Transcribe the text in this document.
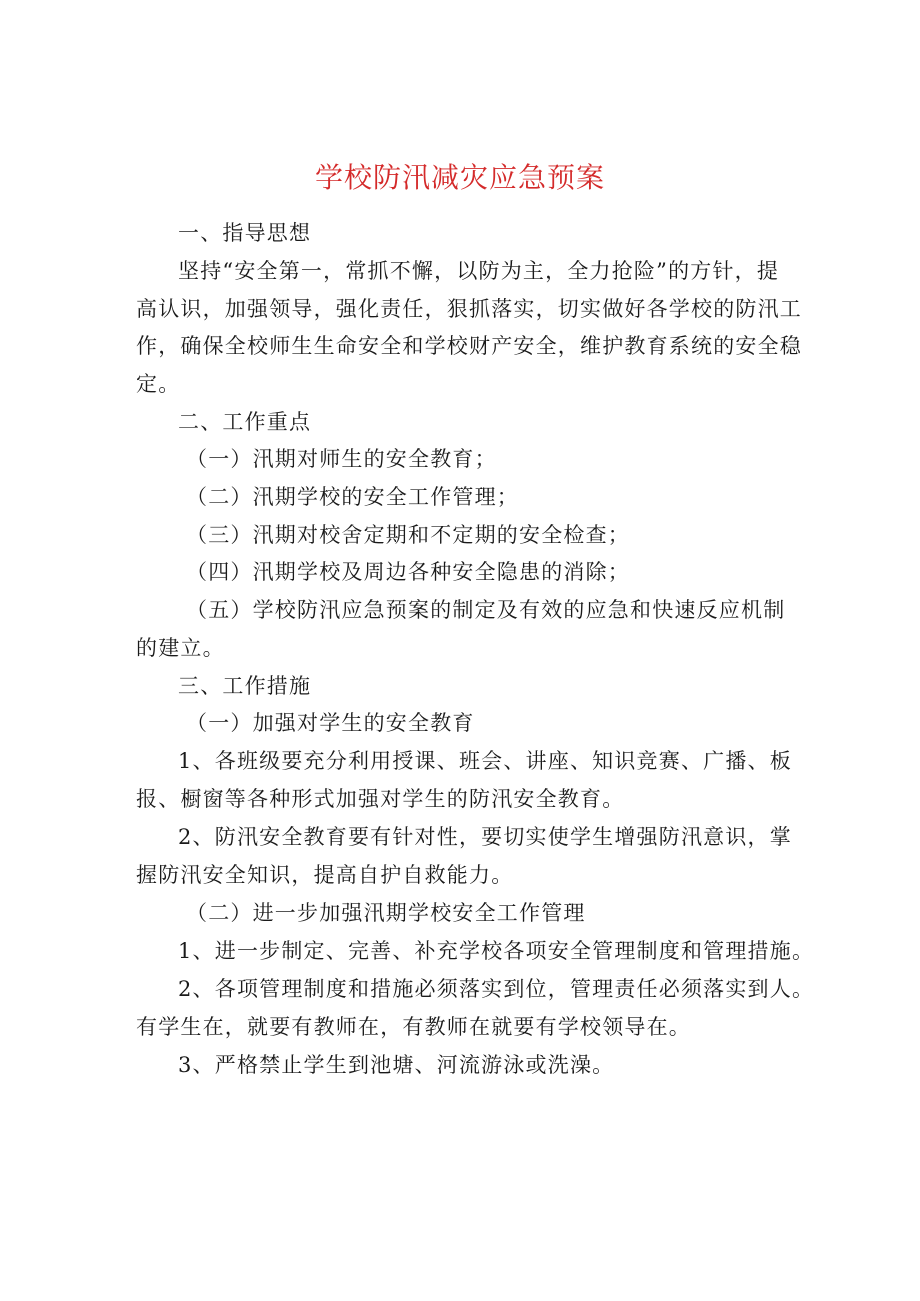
学校防汛减灾应急预案
一、指导思想
坚持“安全第一，常抓不懈，以防为主，全力抢险”的方针，提
高认识，加强领导，强化责任，狠抓落实，切实做好各学校的防汛工
作，确保全校师生生命安全和学校财产安全，维护教育系统的安全稳
定。
二、工作重点
（一）汛期对师生的安全教育；
（二）汛期学校的安全工作管理；
（三）汛期对校舍定期和不定期的安全检查；
（四）汛期学校及周边各种安全隐患的消除；
（五）学校防汛应急预案的制定及有效的应急和快速反应机制
的建立。
三、工作措施
（一）加强对学生的安全教育
1、各班级要充分利用授课、班会、讲座、知识竞赛、广播、板
报、橱窗等各种形式加强对学生的防汛安全教育。
2、防汛安全教育要有针对性，要切实使学生增强防汛意识，掌
握防汛安全知识，提高自护自救能力。
（二）进一步加强汛期学校安全工作管理
1、进一步制定、完善、补充学校各项安全管理制度和管理措施。
2、各项管理制度和措施必须落实到位，管理责任必须落实到人。
有学生在，就要有教师在，有教师在就要有学校领导在。
3、严格禁止学生到池塘、河流游泳或洗澡。
